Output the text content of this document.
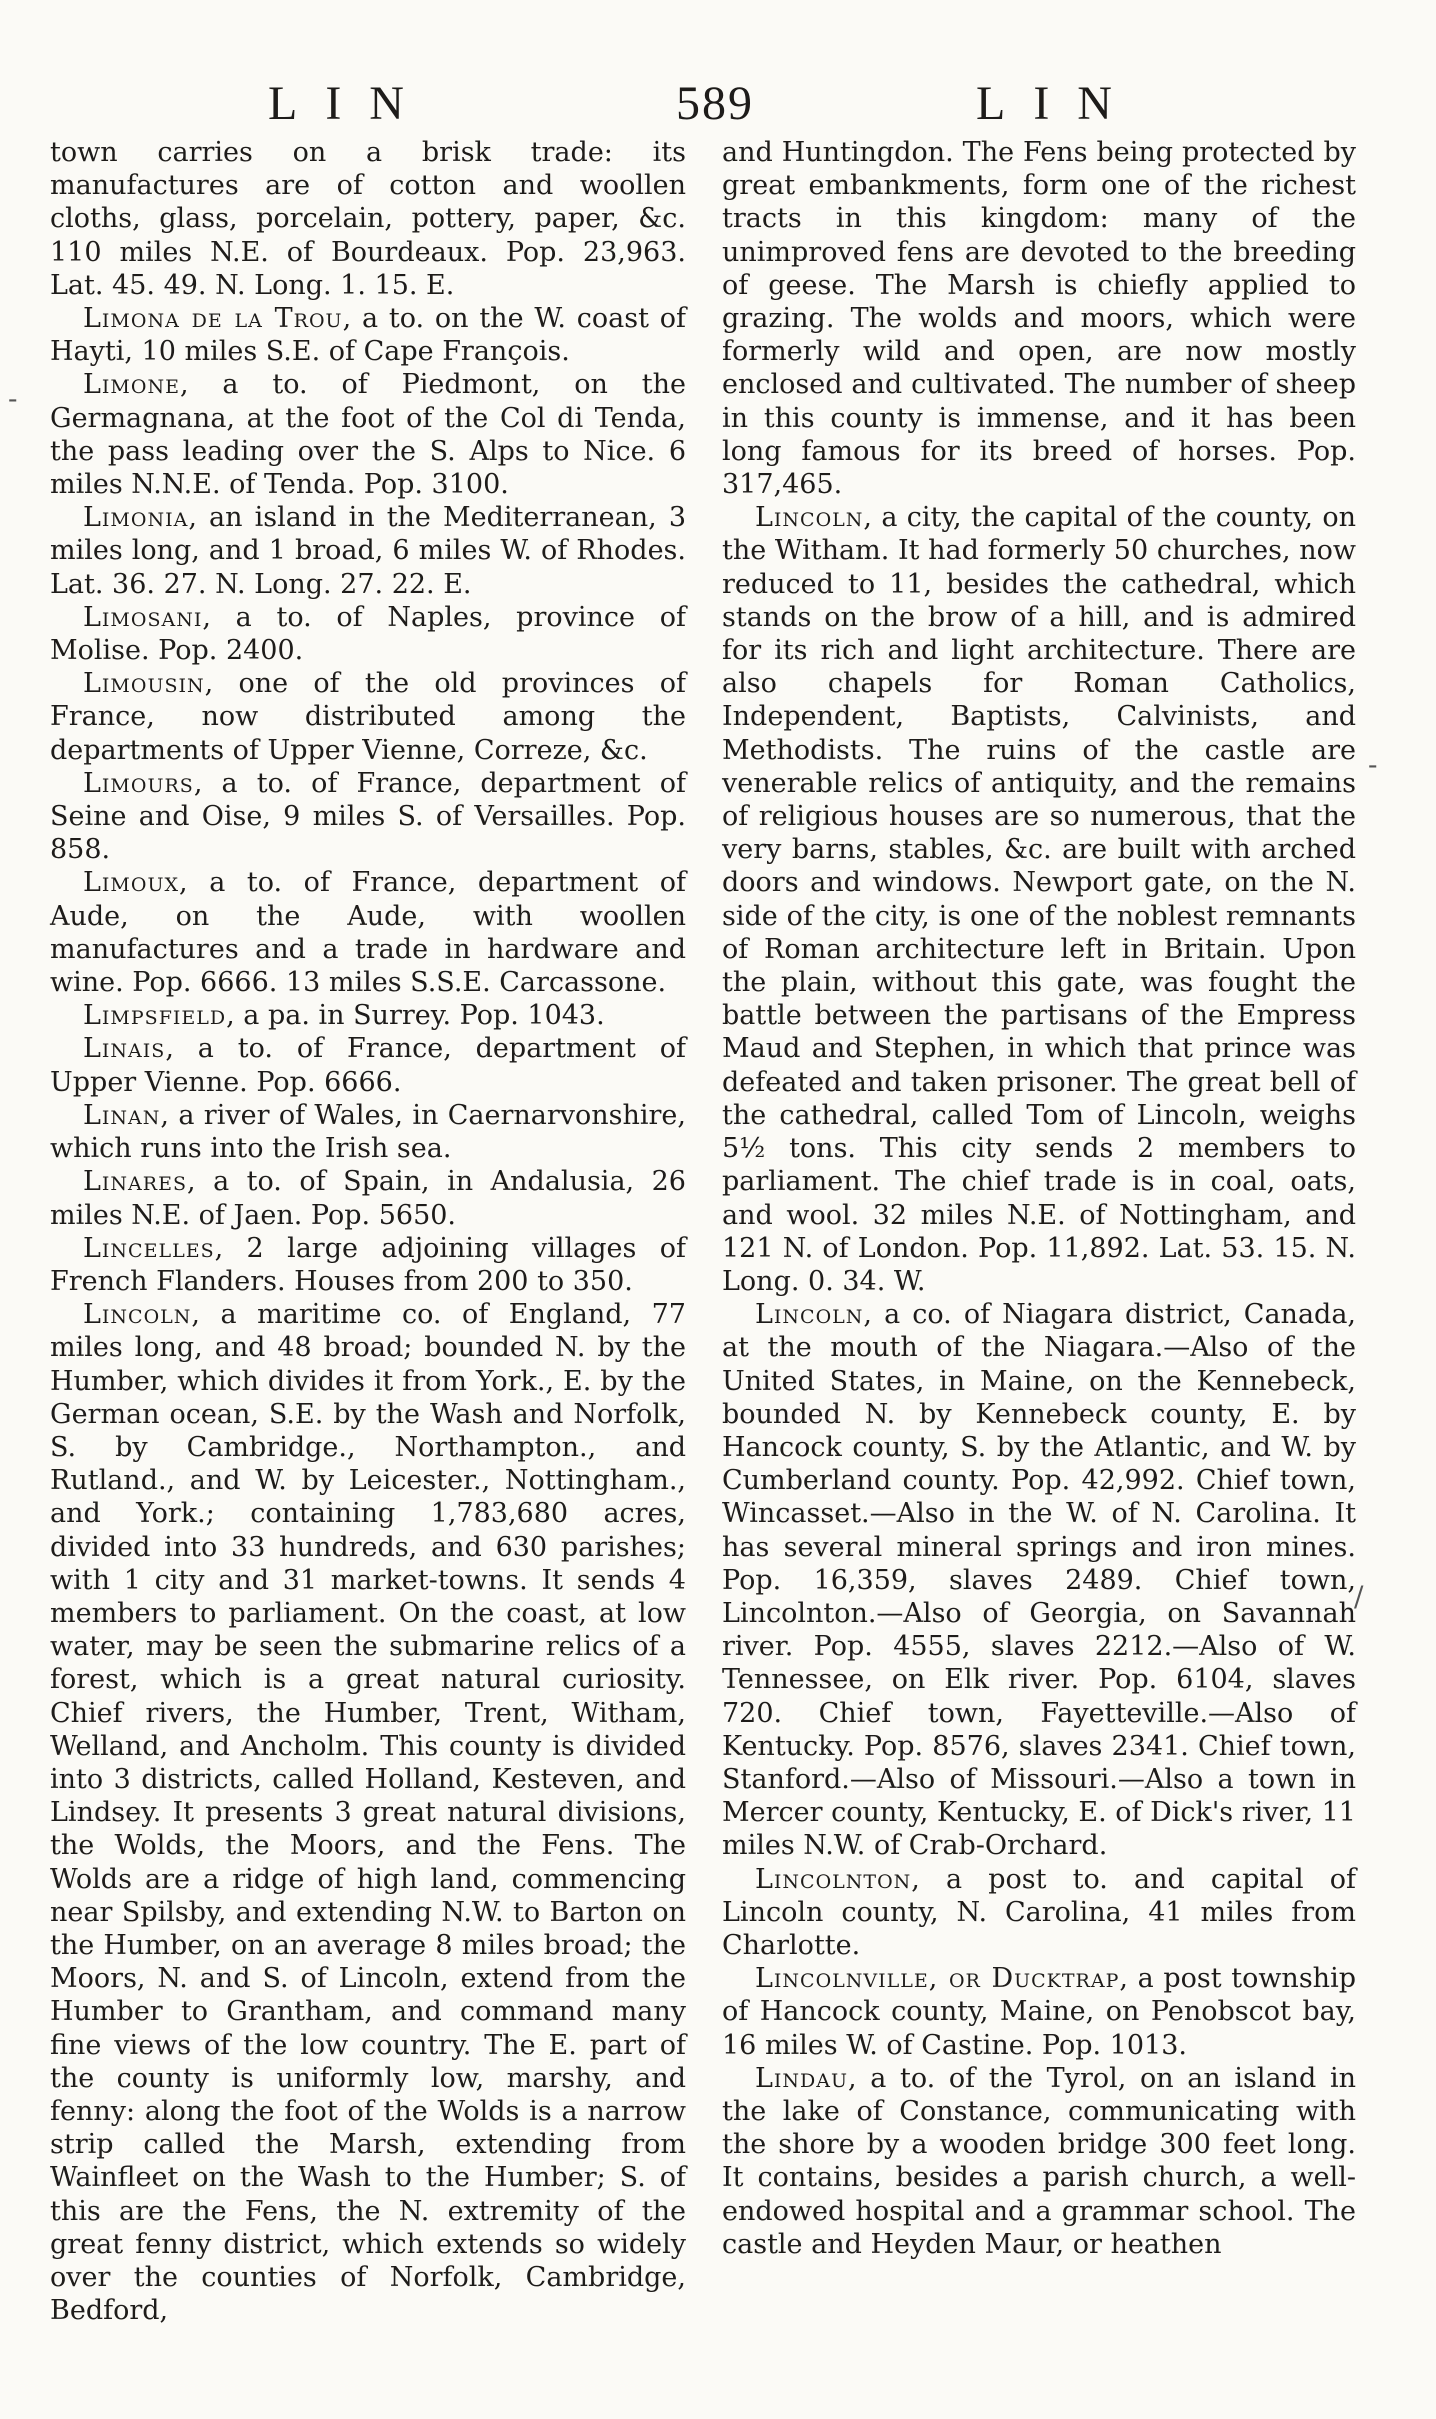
LIN	589	LIN

town carries on a brisk trade: its manufactures are of cotton and woollen cloths, glass, porcelain, pottery, paper, &c. 110 miles N.E. of Bourdeaux. Pop. 23,963. Lat. 45. 49. N. Long. 1. 15. E.

Limona de la Trou, a to. on the W. coast of Hayti, 10 miles S.E. of Cape François.

Limone, a to. of Piedmont, on the Germagnana, at the foot of the Col di Tenda, the pass leading over the S. Alps to Nice. 6 miles N.N.E. of Tenda. Pop. 3100.

Limonia, an island in the Mediterranean, 3 miles long, and 1 broad, 6 miles W. of Rhodes. Lat. 36. 27. N. Long. 27. 22. E.

Limosani, a to. of Naples, province of Molise. Pop. 2400.

Limousin, one of the old provinces of France, now distributed among the departments of Upper Vienne, Correze, &c.

Limours, a to. of France, department of Seine and Oise, 9 miles S. of Versailles. Pop. 858.

Limoux, a to. of France, department of Aude, on the Aude, with woollen manufactures and a trade in hardware and wine. Pop. 6666. 13 miles S.S.E. Carcassone.

Limpsfield, a pa. in Surrey. Pop. 1043.

Linais, a to. of France, department of Upper Vienne. Pop. 6666.

Linan, a river of Wales, in Caernarvonshire, which runs into the Irish sea.

Linares, a to. of Spain, in Andalusia, 26 miles N.E. of Jaen. Pop. 5650.

Lincelles, 2 large adjoining villages of French Flanders. Houses from 200 to 350.

Lincoln, a maritime co. of England, 77 miles long, and 48 broad; bounded N. by the Humber, which divides it from York., E. by the German ocean, S.E. by the Wash and Norfolk, S. by Cambridge., Northampton., and Rutland., and W. by Leicester., Nottingham., and York.; containing 1,783,680 acres, divided into 33 hundreds, and 630 parishes; with 1 city and 31 market-towns. It sends 4 members to parliament. On the coast, at low water, may be seen the submarine relics of a forest, which is a great natural curiosity. Chief rivers, the Humber, Trent, Witham, Welland, and Ancholm. This county is divided into 3 districts, called Holland, Kesteven, and Lindsey. It presents 3 great natural divisions, the Wolds, the Moors, and the Fens. The Wolds are a ridge of high land, commencing near Spilsby, and extending N.W. to Barton on the Humber, on an average 8 miles broad; the Moors, N. and S. of Lincoln, extend from the Humber to Grantham, and command many fine views of the low country. The E. part of the county is uniformly low, marshy, and fenny: along the foot of the Wolds is a narrow strip called the Marsh, extending from Wainfleet on the Wash to the Humber; S. of this are the Fens, the N. extremity of the great fenny district, which extends so widely over the counties of Norfolk, Cambridge, Bedford,

and Huntingdon. The Fens being protected by great embankments, form one of the richest tracts in this kingdom: many of the unimproved fens are devoted to the breeding of geese. The Marsh is chiefly applied to grazing. The wolds and moors, which were formerly wild and open, are now mostly enclosed and cultivated. The number of sheep in this county is immense, and it has been long famous for its breed of horses. Pop. 317,465.

Lincoln, a city, the capital of the county, on the Witham. It had formerly 50 churches, now reduced to 11, besides the cathedral, which stands on the brow of a hill, and is admired for its rich and light architecture. There are also chapels for Roman Catholics, Independent, Baptists, Calvinists, and Methodists. The ruins of the castle are venerable relics of antiquity, and the remains of religious houses are so numerous, that the very barns, stables, &c. are built with arched doors and windows. Newport gate, on the N. side of the city, is one of the noblest remnants of Roman architecture left in Britain. Upon the plain, without this gate, was fought the battle between the partisans of the Empress Maud and Stephen, in which that prince was defeated and taken prisoner. The great bell of the cathedral, called Tom of Lincoln, weighs 5½ tons. This city sends 2 members to parliament. The chief trade is in coal, oats, and wool. 32 miles N.E. of Nottingham, and 121 N. of London. Pop. 11,892. Lat. 53. 15. N. Long. 0. 34. W.

Lincoln, a co. of Niagara district, Canada, at the mouth of the Niagara.—Also of the United States, in Maine, on the Kennebeck, bounded N. by Kennebeck county, E. by Hancock county, S. by the Atlantic, and W. by Cumberland county. Pop. 42,992. Chief town, Wincasset.—Also in the W. of N. Carolina. It has several mineral springs and iron mines. Pop. 16,359, slaves 2489. Chief town, Lincolnton.—Also of Georgia, on Savannah river. Pop. 4555, slaves 2212.—Also of W. Tennessee, on Elk river. Pop. 6104, slaves 720. Chief town, Fayetteville.—Also of Kentucky. Pop. 8576, slaves 2341. Chief town, Stanford.—Also of Missouri.—Also a town in Mercer county, Kentucky, E. of Dick's river, 11 miles N.W. of Crab-Orchard.

Lincolnton, a post to. and capital of Lincoln county, N. Carolina, 41 miles from Charlotte.

Lincolnville, or Ducktrap, a post township of Hancock county, Maine, on Penobscot bay, 16 miles W. of Castine. Pop. 1013.

Lindau, a to. of the Tyrol, on an island in the lake of Constance, communicating with the shore by a wooden bridge 300 feet long. It contains, besides a parish church, a well-endowed hospital and a grammar school. The castle and Heyden Maur, or heathen

-
-
/
